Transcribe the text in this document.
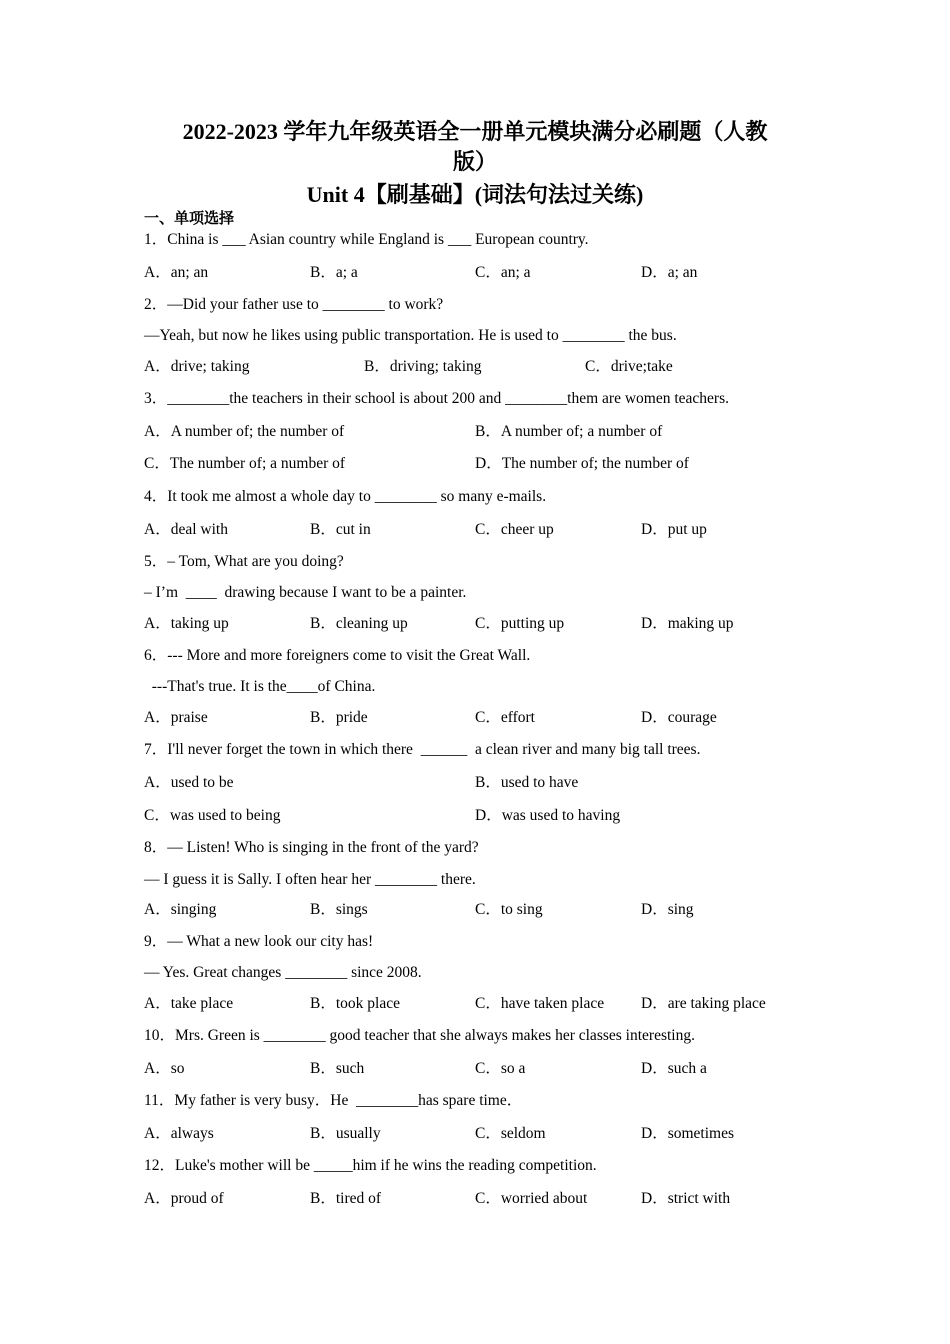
2022-2023 学年九年级英语全一册单元模块满分必刷题（人教
版）
Unit 4【刷基础】(词法句法过关练)
一、单项选择
1．China is ___ Asian country while England is ___ European country.
A．an; an	B．a; a	C．an; a	D．a; an
2．—Did your father use to ________ to work?
—Yeah, but now he likes using public transportation. He is used to ________ the bus.
A．drive; taking	B．driving; taking	C．drive;take
3．________the teachers in their school is about 200 and ________them are women teachers.
A．A number of; the number of	B．A number of; a number of
C．The number of; a number of	D．The number of; the number of
4．It took me almost a whole day to ________ so many e-mails.
A．deal with	B．cut in	C．cheer up	D．put up
5．– Tom, What are you doing?
– I’m  ____  drawing because I want to be a painter.
A．taking up	B．cleaning up	C．putting up	D．making up
6．--- More and more foreigners come to visit the Great Wall.
---That's true. It is the____of China.
A．praise	B．pride	C．effort	D．courage
7．I'll never forget the town in which there  ______  a clean river and many big tall trees.
A．used to be	B．used to have
C．was used to being	D．was used to having
8．— Listen! Who is singing in the front of the yard?
— I guess it is Sally. I often hear her ________ there.
A．singing	B．sings	C．to sing	D．sing
9．— What a new look our city has!
— Yes. Great changes ________ since 2008.
A．take place	B．took place	C．have taken place D．are taking place
10．Mrs. Green is ________ good teacher that she always makes her classes interesting.
A．so	B．such	C．so a	D．such a
11．My father is very busy．He  ________has spare time．
A．always	B．usually	C．seldom	D．sometimes
12．Luke's mother will be _____him if he wins the reading competition.
A．proud of	B．tired of	C．worried about	D．strict with
